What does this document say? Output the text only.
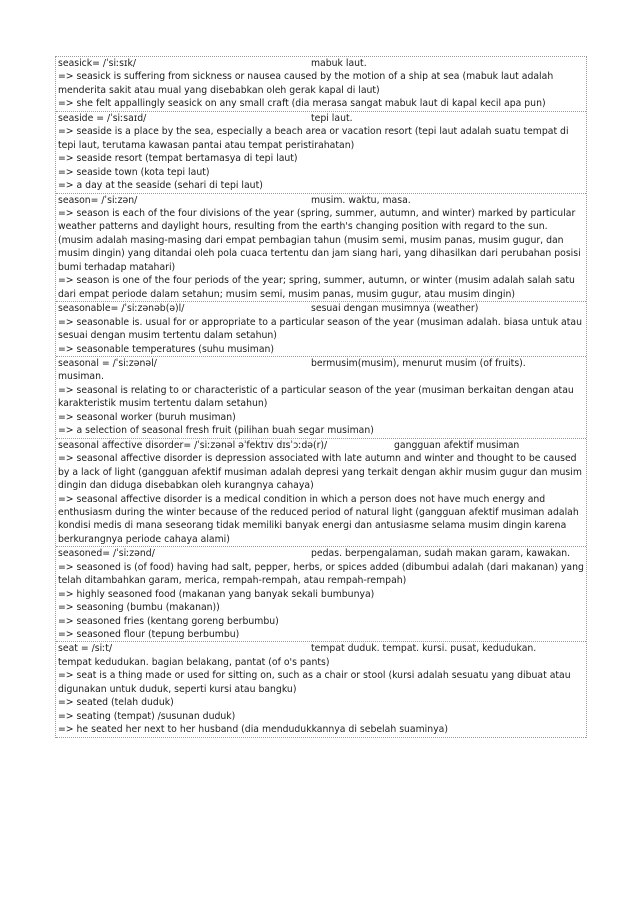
seasick= /ˈsiːsɪk/	mabuk laut.
=> seasick is suffering from sickness or nausea caused by the motion of a ship at sea (mabuk laut adalah menderita sakit atau mual yang disebabkan oleh gerak kapal di laut)
=> she felt appallingly seasick on any small craft (dia merasa sangat mabuk laut di kapal kecil apa pun)
seaside = /ˈsiːsaɪd/	tepi laut.
=> seaside is a place by the sea, especially a beach area or vacation resort (tepi laut adalah suatu tempat di tepi laut, terutama kawasan pantai atau tempat peristirahatan)
=> seaside resort (tempat bertamasya di tepi laut)
=> seaside town (kota tepi laut)
=> a day at the seaside (sehari di tepi laut)
season= /ˈsiːzən/	musim. waktu, masa.
=> season is each of the four divisions of the year (spring, summer, autumn, and winter) marked by particular weather patterns and daylight hours, resulting from the earth's changing position with regard to the sun. (musim adalah masing-masing dari empat pembagian tahun (musim semi, musim panas, musim gugur, dan musim dingin) yang ditandai oleh pola cuaca tertentu dan jam siang hari, yang dihasilkan dari perubahan posisi bumi terhadap matahari)
=> season is one of the four periods of the year; spring, summer, autumn, or winter (musim adalah salah satu dari empat periode dalam setahun; musim semi, musim panas, musim gugur, atau musim dingin)
seasonable= /ˈsiːzənəb(ə)l/	sesuai dengan musimnya (weather)
=> seasonable is. usual for or appropriate to a particular season of the year (musiman adalah. biasa untuk atau sesuai dengan musim tertentu dalam setahun)
=> seasonable temperatures (suhu musiman)
seasonal = /ˈsiːzənəl/	bermusim(musim), menurut musim (of fruits).
musiman.
=> seasonal is relating to or characteristic of a particular season of the year (musiman berkaitan dengan atau karakteristik musim tertentu dalam setahun)
=> seasonal worker (buruh musiman)
=> a selection of seasonal fresh fruit (pilihan buah segar musiman)
seasonal affective disorder= /ˈsiːzənəl əˈfektɪv dɪsˈɔːdə(r)/	gangguan afektif musiman
=> seasonal affective disorder is depression associated with late autumn and winter and thought to be caused by a lack of light (gangguan afektif musiman adalah depresi yang terkait dengan akhir musim gugur dan musim dingin dan diduga disebabkan oleh kurangnya cahaya)
=> seasonal affective disorder is a medical condition in which a person does not have much energy and enthusiasm during the winter because of the reduced period of natural light (gangguan afektif musiman adalah kondisi medis di mana seseorang tidak memiliki banyak energi dan antusiasme selama musim dingin karena berkurangnya periode cahaya alami)
seasoned= /ˈsiːzənd/	pedas. berpengalaman, sudah makan garam, kawakan.
=> seasoned is (of food) having had salt, pepper, herbs, or spices added (dibumbui adalah (dari makanan) yang telah ditambahkan garam, merica, rempah-rempah, atau rempah-rempah)
=> highly seasoned food (makanan yang banyak sekali bumbunya)
=> seasoning (bumbu (makanan))
=> seasoned fries (kentang goreng berbumbu)
=> seasoned flour (tepung berbumbu)
seat = /siːt/	tempat duduk. tempat. kursi. pusat, kedudukan.
tempat kedudukan. bagian belakang, pantat (of o's pants)
=> seat is a thing made or used for sitting on, such as a chair or stool (kursi adalah sesuatu yang dibuat atau digunakan untuk duduk, seperti kursi atau bangku)
=> seated (telah duduk)
=> seating (tempat) /susunan duduk)
=> he seated her next to her husband (dia mendudukkannya di sebelah suaminya)
